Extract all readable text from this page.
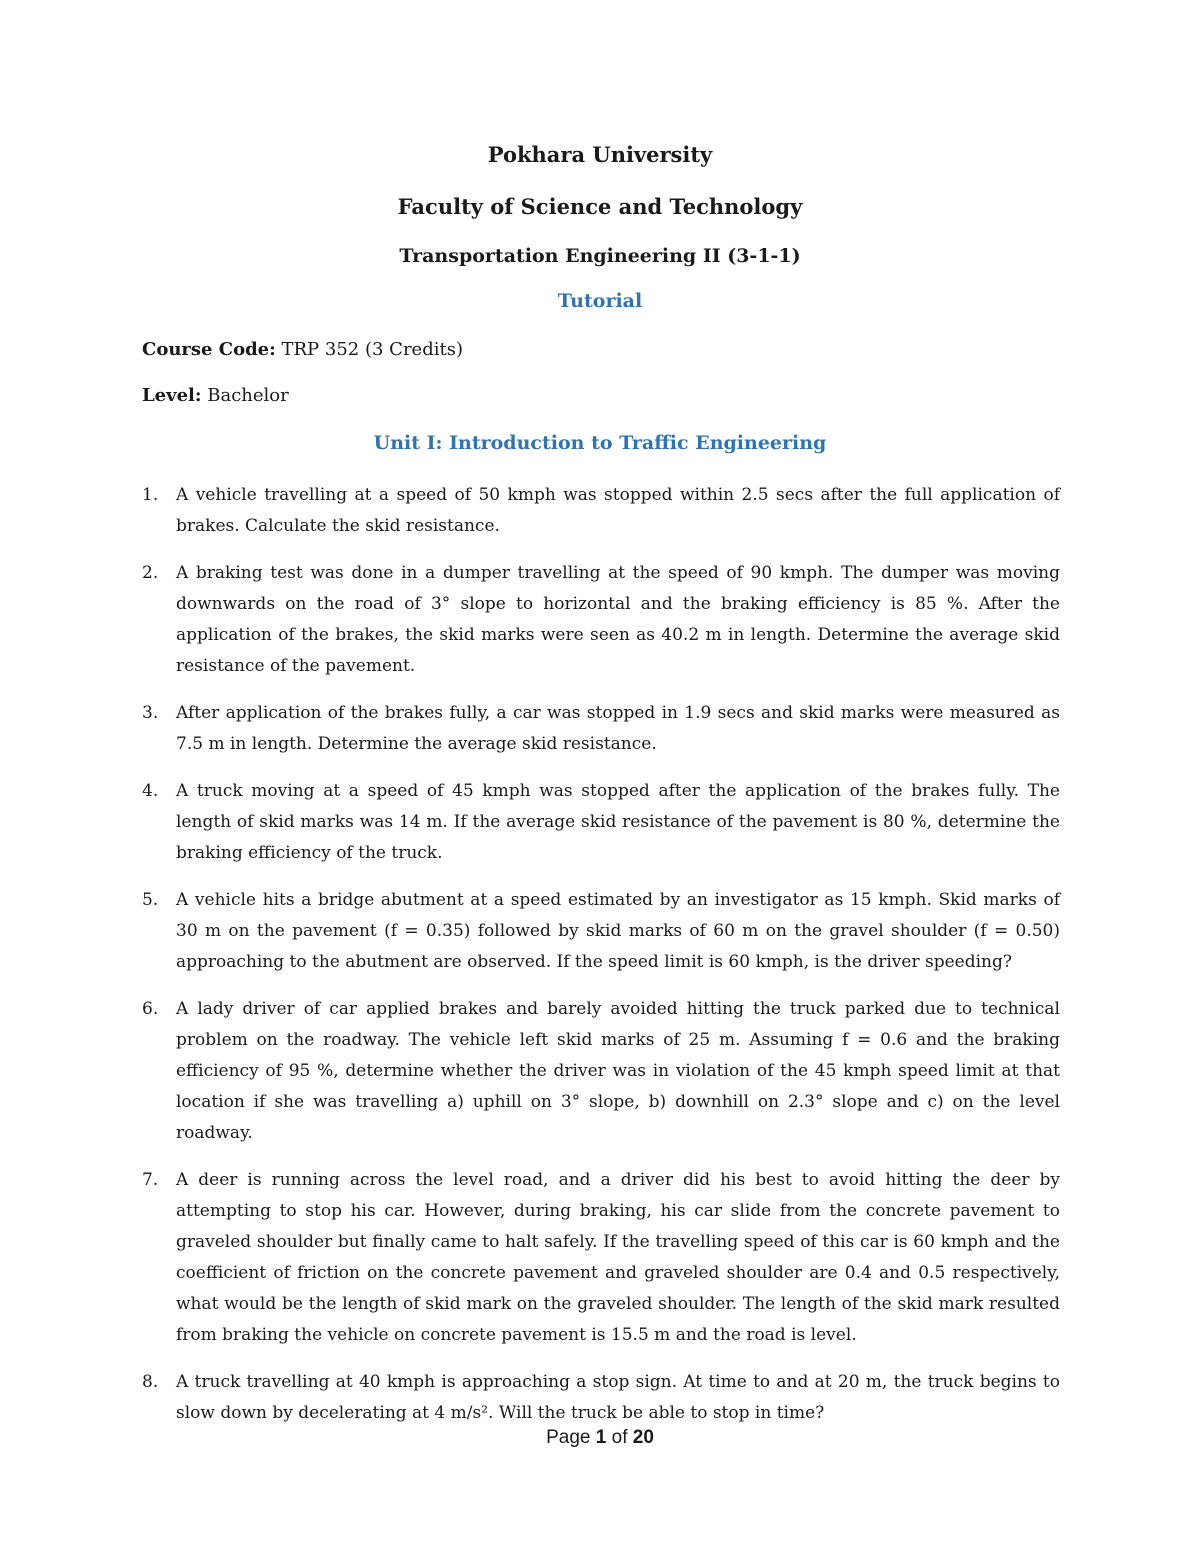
Pokhara University
Faculty of Science and Technology
Transportation Engineering II (3-1-1)
Tutorial
Course Code: TRP 352 (3 Credits)
Level: Bachelor
Unit I: Introduction to Traffic Engineering
1. A vehicle travelling at a speed of 50 kmph was stopped within 2.5 secs after the full application of brakes. Calculate the skid resistance.
2. A braking test was done in a dumper travelling at the speed of 90 kmph. The dumper was moving downwards on the road of 3° slope to horizontal and the braking efficiency is 85 %. After the application of the brakes, the skid marks were seen as 40.2 m in length. Determine the average skid resistance of the pavement.
3. After application of the brakes fully, a car was stopped in 1.9 secs and skid marks were measured as 7.5 m in length. Determine the average skid resistance.
4. A truck moving at a speed of 45 kmph was stopped after the application of the brakes fully. The length of skid marks was 14 m. If the average skid resistance of the pavement is 80 %, determine the braking efficiency of the truck.
5. A vehicle hits a bridge abutment at a speed estimated by an investigator as 15 kmph. Skid marks of 30 m on the pavement (f = 0.35) followed by skid marks of 60 m on the gravel shoulder (f = 0.50) approaching to the abutment are observed. If the speed limit is 60 kmph, is the driver speeding?
6. A lady driver of car applied brakes and barely avoided hitting the truck parked due to technical problem on the roadway. The vehicle left skid marks of 25 m. Assuming f = 0.6 and the braking efficiency of 95 %, determine whether the driver was in violation of the 45 kmph speed limit at that location if she was travelling a) uphill on 3° slope, b) downhill on 2.3° slope and c) on the level roadway.
7. A deer is running across the level road, and a driver did his best to avoid hitting the deer by attempting to stop his car. However, during braking, his car slide from the concrete pavement to graveled shoulder but finally came to halt safely. If the travelling speed of this car is 60 kmph and the coefficient of friction on the concrete pavement and graveled shoulder are 0.4 and 0.5 respectively, what would be the length of skid mark on the graveled shoulder. The length of the skid mark resulted from braking the vehicle on concrete pavement is 15.5 m and the road is level.
8. A truck travelling at 40 kmph is approaching a stop sign. At time to and at 20 m, the truck begins to slow down by decelerating at 4 m/s². Will the truck be able to stop in time?
Page 1 of 20
